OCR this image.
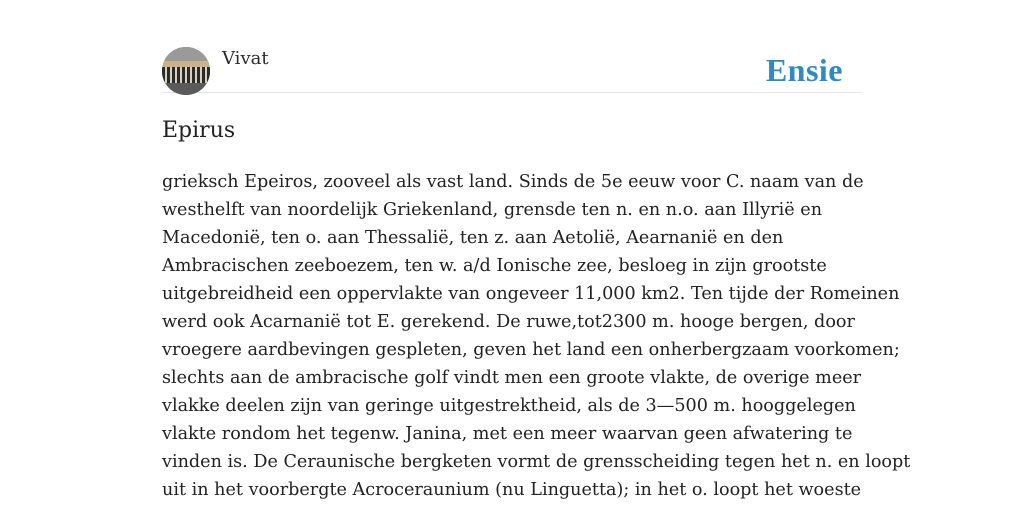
Vivat	Ensie
Epirus
grieksch Epeiros, zooveel als vast land. Sinds de 5e eeuw voor C. naam van de
westhelft van noordelijk Griekenland, grensde ten n. en n.o. aan Illyrië en
Macedonië, ten o. aan Thessalië, ten z. aan Aetolië, Aearnanië en den
Ambracischen zeeboezem, ten w. a/d Ionische zee, besloeg in zijn grootste
uitgebreidheid een oppervlakte van ongeveer 11,000 km2. Ten tijde der Romeinen
werd ook Acarnanië tot E. gerekend. De ruwe,tot2300 m. hooge bergen, door
vroegere aardbevingen gespleten, geven het land een onherbergzaam voorkomen;
slechts aan de ambracische golf vindt men een groote vlakte, de overige meer
vlakke deelen zijn van geringe uitgestrektheid, als de 3—500 m. hooggelegen
vlakte rondom het tegenw. Janina, met een meer waarvan geen afwatering te
vinden is. De Ceraunische bergketen vormt de grensscheiding tegen het n. en loopt
uit in het voorbergte Acroceraunium (nu Linguetta); in het o. loopt het woeste
